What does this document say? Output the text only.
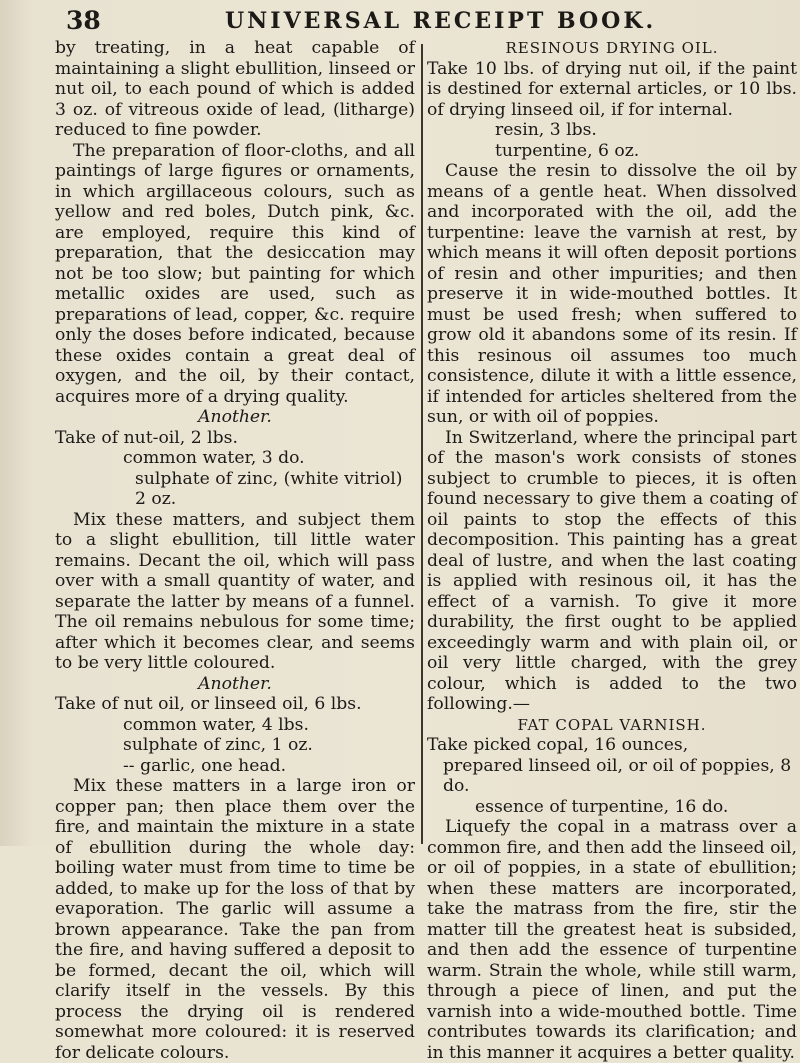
38	UNIVERSAL RECEIPT BOOK.

by treating, in a heat capable of maintaining a slight ebullition, linseed or nut oil, to each pound of which is added 3 oz. of vitreous oxide of lead, (litharge) reduced to fine powder.

The preparation of floor-cloths, and all paintings of large figures or ornaments, in which argillaceous colours, such as yellow and red boles, Dutch pink, &c. are employed, require this kind of preparation, that the desiccation may not be too slow; but painting for which metallic oxides are used, such as preparations of lead, copper, &c. require only the doses before indicated, because these oxides contain a great deal of oxygen, and the oil, by their contact, acquires more of a drying quality.

Another.

Take of nut-oil, 2 lbs.

common water, 3 do.

sulphate of zinc, (white vitriol) 2 oz.

Mix these matters, and subject them to a slight ebullition, till little water remains. Decant the oil, which will pass over with a small quantity of water, and separate the latter by means of a funnel. The oil remains nebulous for some time; after which it becomes clear, and seems to be very little coloured.

Another.

Take of nut oil, or linseed oil, 6 lbs.

common water, 4 lbs.

sulphate of zinc, 1 oz.

-- garlic, one head.

Mix these matters in a large iron or copper pan; then place them over the fire, and maintain the mixture in a state of ebullition during the whole day: boiling water must from time to time be added, to make up for the loss of that by evaporation. The garlic will assume a brown appearance. Take the pan from the fire, and having suffered a deposit to be formed, decant the oil, which will clarify itself in the vessels. By this process the drying oil is rendered somewhat more coloured: it is reserved for delicate colours.

RESINOUS DRYING OIL.

Take 10 lbs. of drying nut oil, if the paint is destined for external articles, or 10 lbs. of drying linseed oil, if for internal.

resin, 3 lbs.

turpentine, 6 oz.

Cause the resin to dissolve the oil by means of a gentle heat. When dissolved and incorporated with the oil, add the turpentine: leave the varnish at rest, by which means it will often deposit portions of resin and other impurities; and then preserve it in wide-mouthed bottles. It must be used fresh; when suffered to grow old it abandons some of its resin. If this resinous oil assumes too much consistence, dilute it with a little essence, if intended for articles sheltered from the sun, or with oil of poppies.

In Switzerland, where the principal part of the mason's work consists of stones subject to crumble to pieces, it is often found necessary to give them a coating of oil paints to stop the effects of this decomposition. This painting has a great deal of lustre, and when the last coating is applied with resinous oil, it has the effect of a varnish. To give it more durability, the first ought to be applied exceedingly warm and with plain oil, or oil very little charged, with the grey colour, which is added to the two following.—

FAT COPAL VARNISH.

Take picked copal, 16 ounces,

prepared linseed oil, or oil of poppies, 8 do.

essence of turpentine, 16 do.

Liquefy the copal in a matrass over a common fire, and then add the linseed oil, or oil of poppies, in a state of ebullition; when these matters are incorporated, take the matrass from the fire, stir the matter till the greatest heat is subsided, and then add the essence of turpentine warm. Strain the whole, while still warm, through a piece of linen, and put the varnish into a wide-mouthed bottle. Time contributes towards its clarification; and in this manner it acquires a better quality.
